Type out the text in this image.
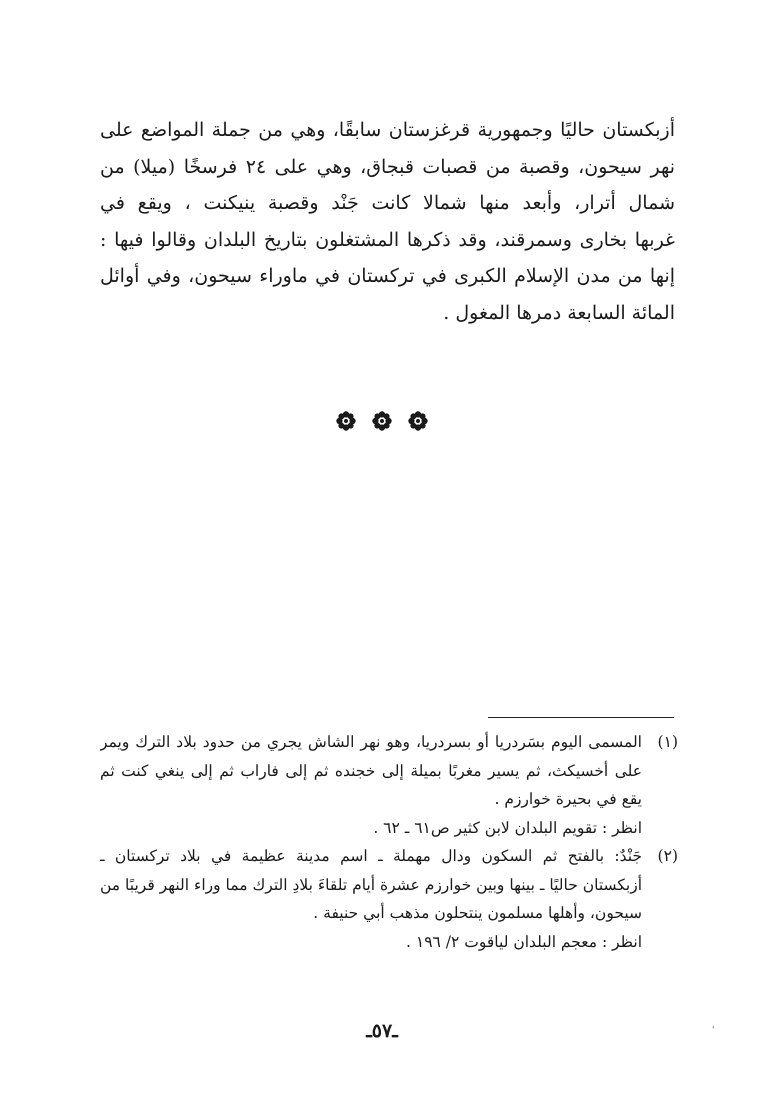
أزبكستان حاليًا وجمهورية قرغزستان سابقًا، وهي من جملة المواضع على
نهر سيحون، وقصبة من قصبات قبجاق، وهي على ٢٤ فرسخًا (ميلا) من
شمال أترار، وأبعد منها شمالا كانت جَنْد وقصبة ينيكنت ، ويقع في
غربها بخارى وسمرقند، وقد ذكرها المشتغلون بتاريخ البلدان وقالوا فيها :
إنها من مدن الإسلام الكبرى في تركستان في ماوراء سيحون، وفي أوائل
المائة السابعة دمرها المغول .
(١)المسمى اليوم بسَردريا أو بسردريا، وهو نهر الشاش يجري من حدود بلاد الترك ويمر
على أخسيكث، ثم يسير مغربًا بميلة إلى خجنده ثم إلى فاراب ثم إلى ينغي كنت ثم
يقع في بحيرة خوارزم .
انظر : تقويم البلدان لابن كثير ص٦١ ـ ٦٢ .
(٢)جَنْدٌ: بالفتح ثم السكون ودال مهملة ـ اسم مدينة عظيمة في بلاد تركستان ـ
أزبكستان حاليًا ـ بينها وبين خوارزم عشرة أيام تلقاءَ بلادِ الترك مما وراء النهر قريبًا من
سيحون، وأهلها مسلمون ينتحلون مذهب أبي حنيفة .
انظر : معجم البلدان لياقوت ٢/ ١٩٦ .
ـ٥٧ـ	'
